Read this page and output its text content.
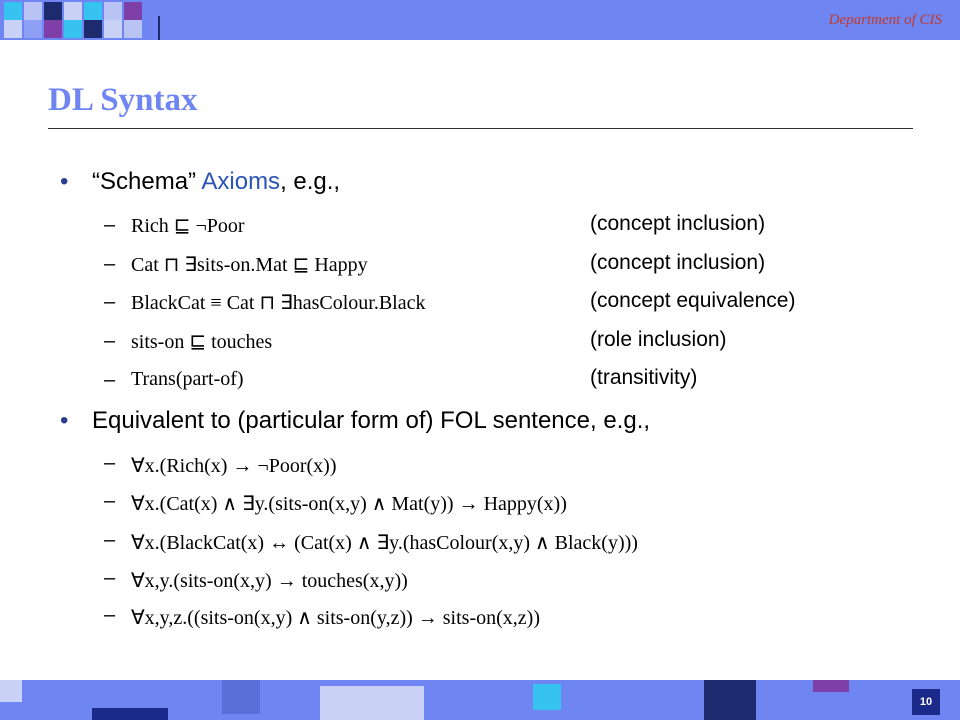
Department of CIS
DL Syntax
• “Schema” Axioms, e.g.,
– Rich ⊑ ¬Poor	(concept inclusion)
– Cat ⊓ ∃sits-on.Mat ⊑ Happy	(concept inclusion)
– BlackCat ≡ Cat ⊓ ∃hasColour.Black	(concept equivalence)
– sits-on ⊑ touches	(role inclusion)
– Trans(part-of)	(transitivity)
• Equivalent to (particular form of) FOL sentence, e.g.,
– ∀x.(Rich(x) → ¬Poor(x))
– ∀x.(Cat(x) ∧ ∃y.(sits-on(x,y) ∧ Mat(y)) → Happy(x))
– ∀x.(BlackCat(x) ↔ (Cat(x) ∧ ∃y.(hasColour(x,y) ∧ Black(y)))
– ∀x,y.(sits-on(x,y) → touches(x,y))
– ∀x,y,z.((sits-on(x,y) ∧ sits-on(y,z)) → sits-on(x,z))
10
